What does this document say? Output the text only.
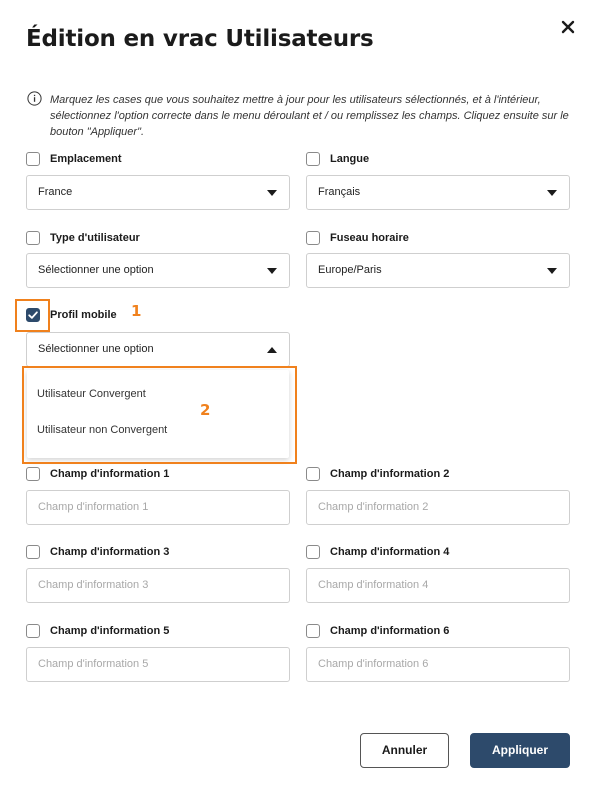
Édition en vrac Utilisateurs
Marquez les cases que vous souhaitez mettre à jour pour les utilisateurs sélectionnés, et à l'intérieur, sélectionnez l'option correcte dans le menu déroulant et / ou remplissez les champs. Cliquez ensuite sur le bouton "Appliquer".
Emplacement
France
Langue
Français
Type d'utilisateur
Sélectionner une option
Fuseau horaire
Europe/Paris
Profil mobile 1
Sélectionner une option
Utilisateur Convergent
Utilisateur non Convergent
2
Champ d'information 1
Champ d'information 1
Champ d'information 2
Champ d'information 2
Champ d'information 3
Champ d'information 3
Champ d'information 4
Champ d'information 4
Champ d'information 5
Champ d'information 5
Champ d'information 6
Champ d'information 6
Annuler	Appliquer
